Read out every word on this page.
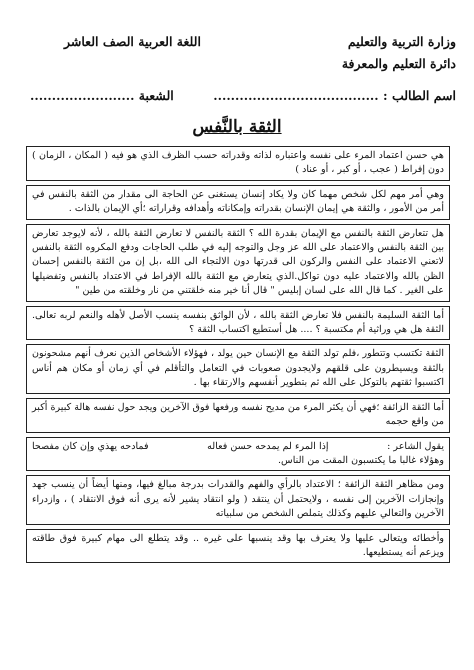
وزارة التربية والتعليم
اللغة العربية الصف العاشر
دائرة التعليم والمعرفة
اسم الطالب : ......................................
الشعبة ........................
الثقة بالنَّفس

هي حسن اعتماد المرء على نفسه واعتباره لذاته وقدراته حسب الظرف الذي هو فيه ( المكان ، الزمان ) دون إفراط ( عجب ، أو كبر ، أو عناد )

وهي أمر مهم لكل شخص مهما كان ولا يكاد إنسان يستغنى عن الحاجة الى مقدار من الثقة بالنفس في أمر من الأمور ، والثقة هي إيمان الإنسان بقدراته وإمكاناته وأهدافه وقراراته ؛أي الإيمان بالذات .

هل تتعارض الثقة بالنفس مع الإيمان بقدرة الله ؟ الثقة بالنفس لا تعارض الثقة بالله ، لأنه لايوجد تعارض بين الثقة بالنفس والاعتماد على الله عز وجل والتوجه إليه في طلب الحاجات ودفع المكروه الثقة بالنفس لاتعني الاعتماد على النفس والركون الى قدرتها دون الالتجاء الى الله ،بل إن من الثقة بالنفس إحسان الظن بالله والاعتماد عليه دون تواكل.الذي يتعارض مع الثقة بالله الإفراط في الاعتداد بالنفس وتفضيلها على الغير . كما قال الله على لسان إبليس " قال أنا خير منه خلقتني من نار وخلقته من طين "

أما الثقة السليمة بالنفس فلا تعارض الثقة بالله ، لأن الواثق بنفسه ينسب الأصل لأهله والنعم لربه تعالى. الثقة هل هي وراثية أم مكتسبة ؟ .... هل أستطيع اكتساب الثقة ؟

الثقة تكتسب وتتطور ،فلم تولد الثقة مع الإنسان حين يولد ، فهؤلاء الأشخاص الذين نعرف أنهم مشحونون بالثقة ويسيطرون على قلقهم ولايجدون صعوبات في التعامل والتأقلم في أي زمان أو مكان هم أناس اكتسبوا ثقتهم بالتوكل على الله ثم بتطوير أنفسهم والارتقاء بها .

أما الثقة الزائفة ؛فهي أن يكثر المرء من مديح نفسه ورفعها فوق الآخرين ويجد حول نفسه هالة كبيرة أكبر من واقع حجمه

يقول الشاعر :
إذا المرء لم يمدحه حسن فعاله
فمادحه يهذي وإن كان مفصحا

وهؤلاء غالبا ما يكتسبون المقت من الناس.

ومن مظاهر الثقة الزائفة ؛ الاعتداد بالرأي والفهم والقدرات بدرجة مبالغ فيها، ومنها أيضاً أن ينسب جهد وإنجازات الآخرين إلى نفسه ، ولايحتمل أن ينتقد ( ولو انتقاد يشير لأنه يرى أنه فوق الانتقاد ) ، وازدراء الآخرين والتعالي عليهم وكذلك يتملص الشخص من سلبياته

وأخطائه ويتعالى عليها ولا يعترف بها وقد ينسبها على غيره .. وقد يتطلع الى مهام كبيرة فوق طاقته ويزعم أنه يستطيعها.
